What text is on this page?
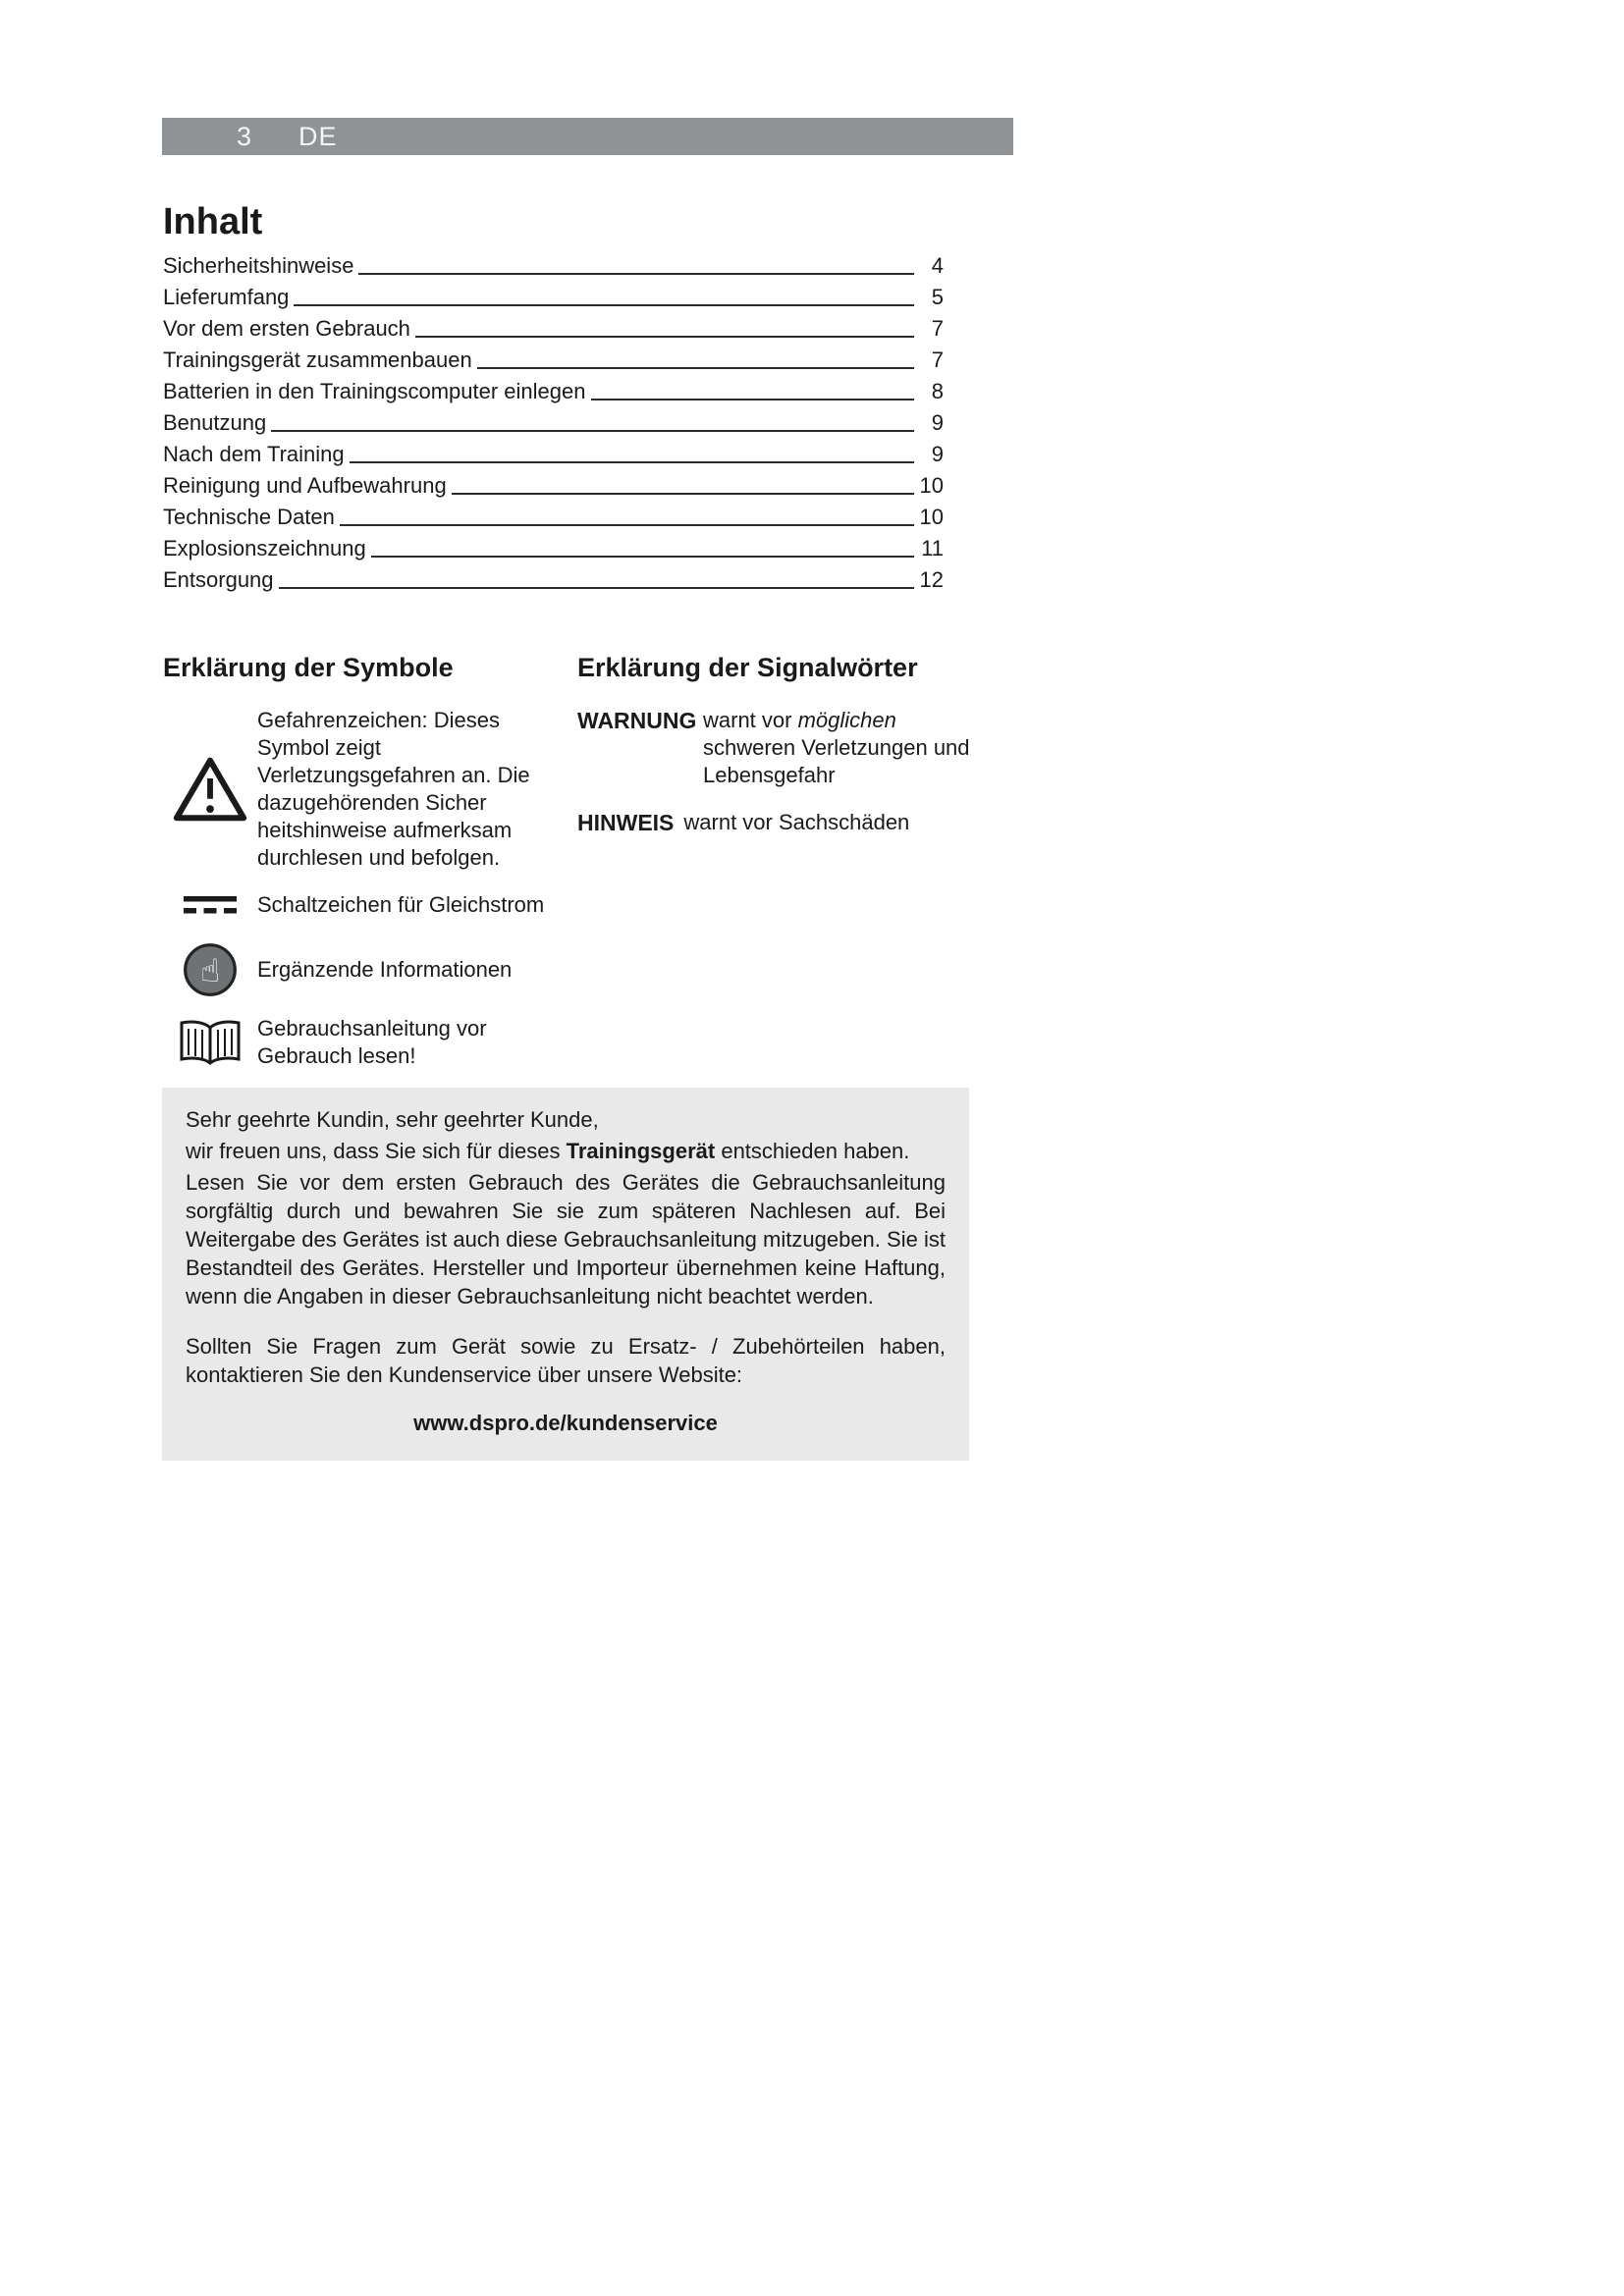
3 DE
Inhalt
Sicherheitshinweise	4
Lieferumfang	5
Vor dem ersten Gebrauch	7
Trainingsgerät zusammenbauen	7
Batterien in den Trainingscomputer einlegen	8
Benutzung	9
Nach dem Training	9
Reinigung und Aufbewahrung	10
Technische Daten	10
Explosionszeichnung	11
Entsorgung	12
Erklärung der Symbole
Gefahrenzeichen: Dieses Symbol zeigt Verletzungsgefahren an. Die dazugehörenden Sicher heitshinweise aufmerksam durchlesen und befolgen.
Schaltzeichen für Gleichstrom
☝ Ergänzende Informationen
Gebrauchsanleitung vor Gebrauch lesen!
Erklärung der Signalwörter
WARNUNG warnt vor möglichen schweren Verletzungen und Lebensgefahr
HINWEIS warnt vor Sachschäden
Sehr geehrte Kundin, sehr geehrter Kunde,
wir freuen uns, dass Sie sich für dieses Trainingsgerät entschieden haben.

Lesen Sie vor dem ersten Gebrauch des Gerätes die Gebrauchsanleitung sorgfältig durch und bewahren Sie sie zum späteren Nachlesen auf. Bei Weitergabe des Gerätes ist auch diese Gebrauchsanleitung mitzugeben. Sie ist Bestandteil des Gerätes. Hersteller und Importeur übernehmen keine Haftung, wenn die Angaben in dieser Gebrauchsanleitung nicht beachtet werden.

Sollten Sie Fragen zum Gerät sowie zu Ersatz- / Zubehörteilen haben, kontaktieren Sie den Kundenservice über unsere Website:

www.dspro.de/kundenservice
